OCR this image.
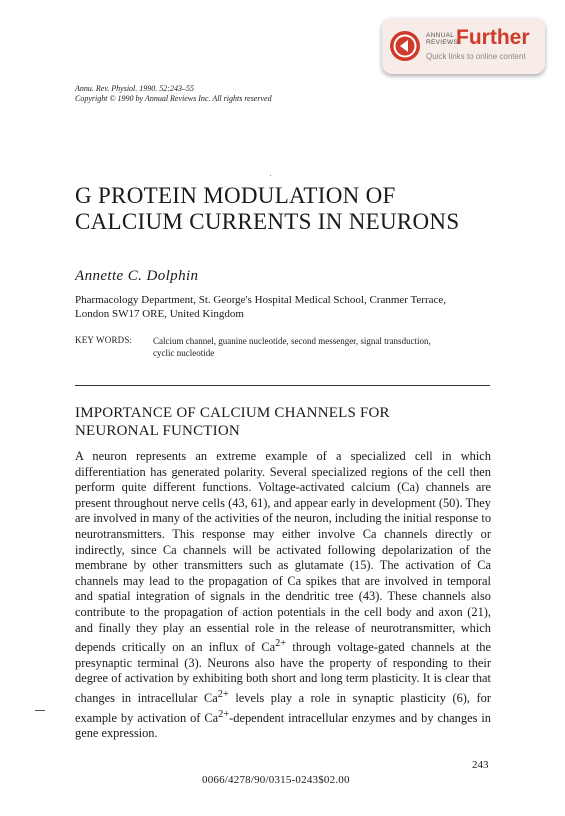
ANNUAL
REVIEWS
Further
Quick links to online content
Annu. Rev. Physiol. 1990. 52:243–55
Copyright © 1990 by Annual Reviews Inc. All rights reserved
G PROTEIN MODULATION OF
CALCIUM CURRENTS IN NEURONS
Annette C. Dolphin
Pharmacology Department, St. George's Hospital Medical School, Cranmer Terrace,
London SW17 ORE, United Kingdom
KEY WORDS: Calcium channel, guanine nucleotide, second messenger, signal transduction,
cyclic nucleotide
IMPORTANCE OF CALCIUM CHANNELS FOR
NEURONAL FUNCTION

A neuron represents an extreme example of a specialized cell in which differentiation has generated polarity. Several specialized regions of the cell then perform quite different functions. Voltage-activated calcium (Ca) channels are present throughout nerve cells (43, 61), and appear early in development (50). They are involved in many of the activities of the neuron, including the initial response to neurotransmitters. This response may either involve Ca channels directly or indirectly, since Ca channels will be activated following depolarization of the membrane by other transmitters such as glutamate (15). The activation of Ca channels may lead to the propagation of Ca spikes that are involved in temporal and spatial integration of signals in the dendritic tree (43). These channels also contribute to the propagation of action potentials in the cell body and axon (21), and finally they play an essential role in the release of neurotransmitter, which depends critically on an influx of $Ca^{2+}$ through voltage-gated channels at the presynaptic terminal (3). Neurons also have the property of responding to their degree of activation by exhibiting both short and long term plasticity. It is clear that changes in intracellular $Ca^{2+}$ levels play a role in synaptic plasticity (6), for example by activation of $Ca^{2+}$-dependent intracellular enzymes and by changes in gene expression.

243
0066/4278/90/0315-0243$02.00
